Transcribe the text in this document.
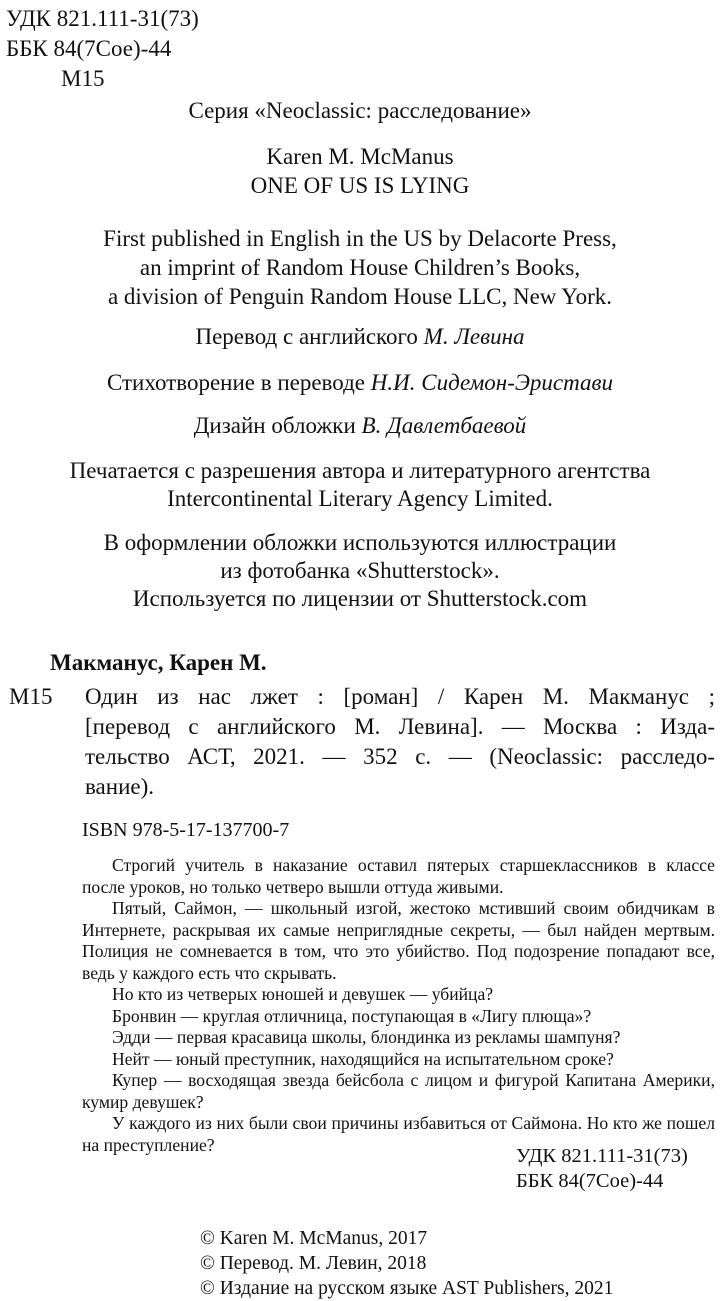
УДК 821.111-31(73)
ББК 84(7Сое)-44
М15
Серия «Neoclassic: расследование»
Karen M. McManus
ONE OF US IS LYING
First published in English in the US by Delacorte Press,
an imprint of Random House Children’s Books,
a division of Penguin Random House LLC, New York.
Перевод с английского М. Левина
Стихотворение в переводе Н.И. Сидемон-Эристави
Дизайн обложки В. Давлетбаевой
Печатается с разрешения автора и литературного агентства
Intercontinental Literary Agency Limited.
В оформлении обложки используются иллюстрации
из фотобанка «Shutterstock».
Используется по лицензии от Shutterstock.com
Макманус, Карен М.
М15 Один из нас лжет : [роман] / Карен М. Макманус ;
[перевод с английского М. Левина]. — Москва : Изда-
тельство АСТ, 2021. — 352 с. — (Neoclassic: расследо-
вание).
ISBN 978-5-17-137700-7

Строгий учитель в наказание оставил пятерых старшеклассников в классе после уроков, но только четверо вышли оттуда живыми.

Пятый, Саймон, — школьный изгой, жестоко мстивший своим обидчикам в Интернете, раскрывая их самые неприглядные секреты, — был найден мертвым. Полиция не сомневается в том, что это убийство. Под подозрение попадают все, ведь у каждого есть что скрывать.

Но кто из четверых юношей и девушек — убийца?

Бронвин — круглая отличница, поступающая в «Лигу плюща»?

Эдди — первая красавица школы, блондинка из рекламы шампуня?

Нейт — юный преступник, находящийся на испытательном сроке?

Купер — восходящая звезда бейсбола с лицом и фигурой Капитана Америки, кумир девушек?

У каждого из них были свои причины избавиться от Саймона. Но кто же пошел на преступление?

УДК 821.111-31(73)
ББК 84(7Сое)-44
© Karen M. McManus, 2017
© Перевод. М. Левин, 2018
© Издание на русском языке AST Publishers, 2021
